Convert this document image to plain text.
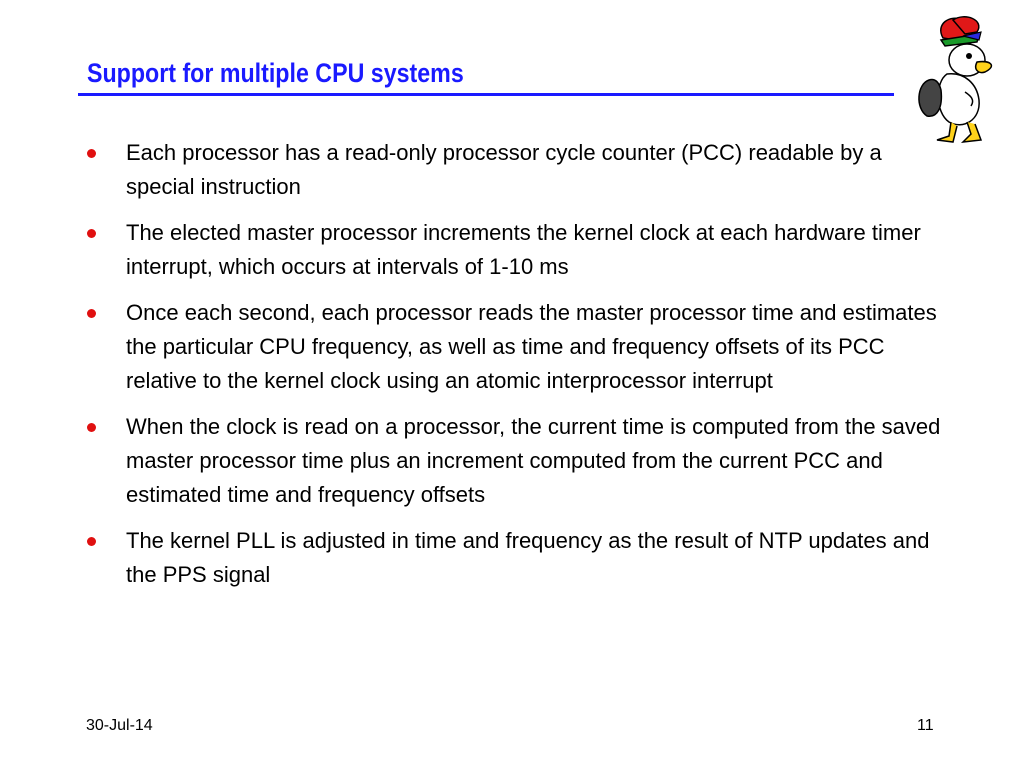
Support for multiple CPU systems
Each processor has a read-only processor cycle counter (PCC) readable by a special instruction
The elected master processor increments the kernel clock at each hardware timer interrupt, which occurs at intervals of 1-10 ms
Once each second, each processor reads the master processor time and estimates the particular CPU frequency, as well as time and frequency offsets of its PCC relative to the kernel clock using an atomic interprocessor interrupt
When the clock is read on a processor, the current time is computed from the saved master processor time plus an increment computed from the current PCC and estimated time and frequency offsets
The kernel PLL is adjusted in time and frequency as the result of NTP updates and the PPS signal
30-Jul-14	11
